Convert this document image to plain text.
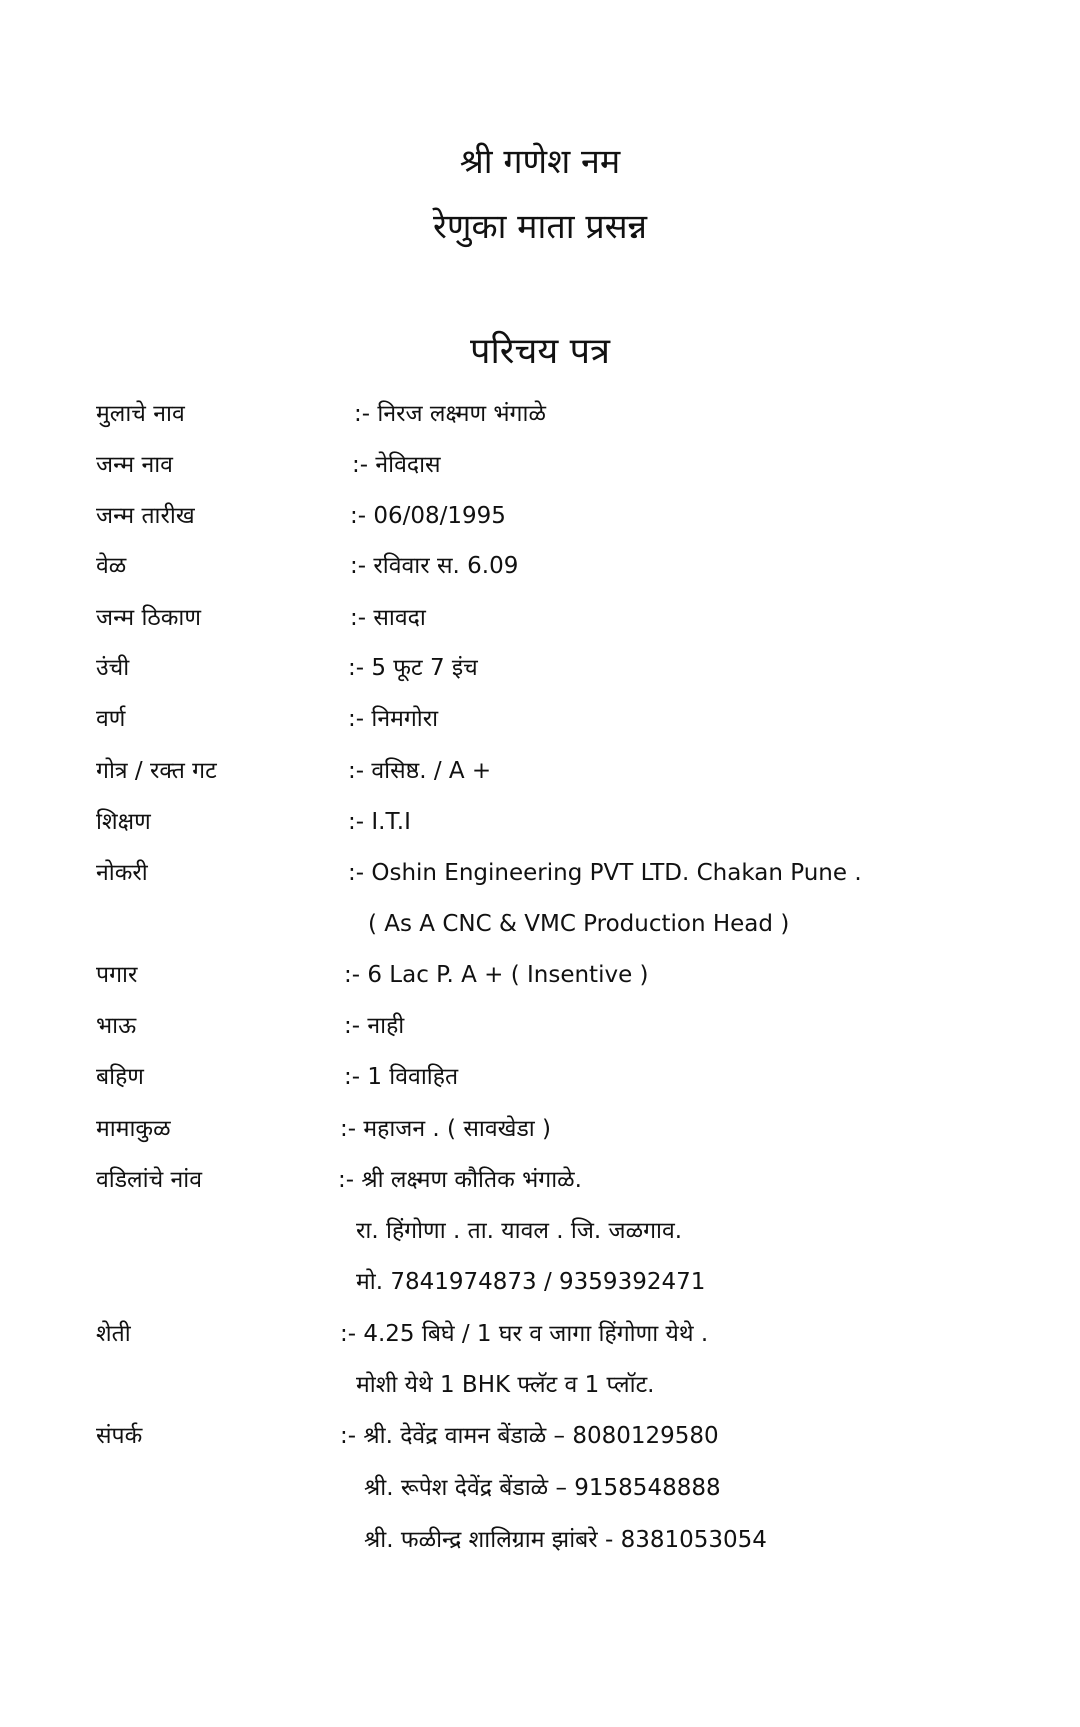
श्री गणेश नम
रेणुका माता प्रसन्न
परिचय पत्र
मुलाचे नाव	:- निरज लक्ष्मण भंगाळे
जन्म नाव	:- नेविदास
जन्म तारीख	:- 06/08/1995
वेळ	:- रविवार स. 6.09
जन्म ठिकाण	:- सावदा
उंची	:- 5 फूट 7 इंच
वर्ण	:- निमगोरा
गोत्र / रक्त गट	:- वसिष्ठ. / A +
शिक्षण	:- I.T.I
नोकरी	:- Oshin Engineering PVT LTD. Chakan Pune .
( As A CNC & VMC Production Head )
पगार	:- 6 Lac P. A + ( Insentive )
भाऊ	:- नाही
बहिण	:- 1 विवाहित
मामाकुळ	:- महाजन . ( सावखेडा )
वडिलांचे नांव	:- श्री लक्ष्मण कौतिक भंगाळे.
रा. हिंगोणा . ता. यावल . जि. जळगाव.
मो. 7841974873 / 9359392471
शेती	:- 4.25 बिघे / 1 घर व जागा हिंगोणा येथे .
मोशी येथे 1 BHK फ्लॅट व 1 प्लॉट.
संपर्क	:- श्री. देवेंद्र वामन बेंडाळे – 8080129580
श्री. रूपेश देवेंद्र बेंडाळे – 9158548888
श्री. फळीन्द्र शालिग्राम झांबरे - 8381053054
